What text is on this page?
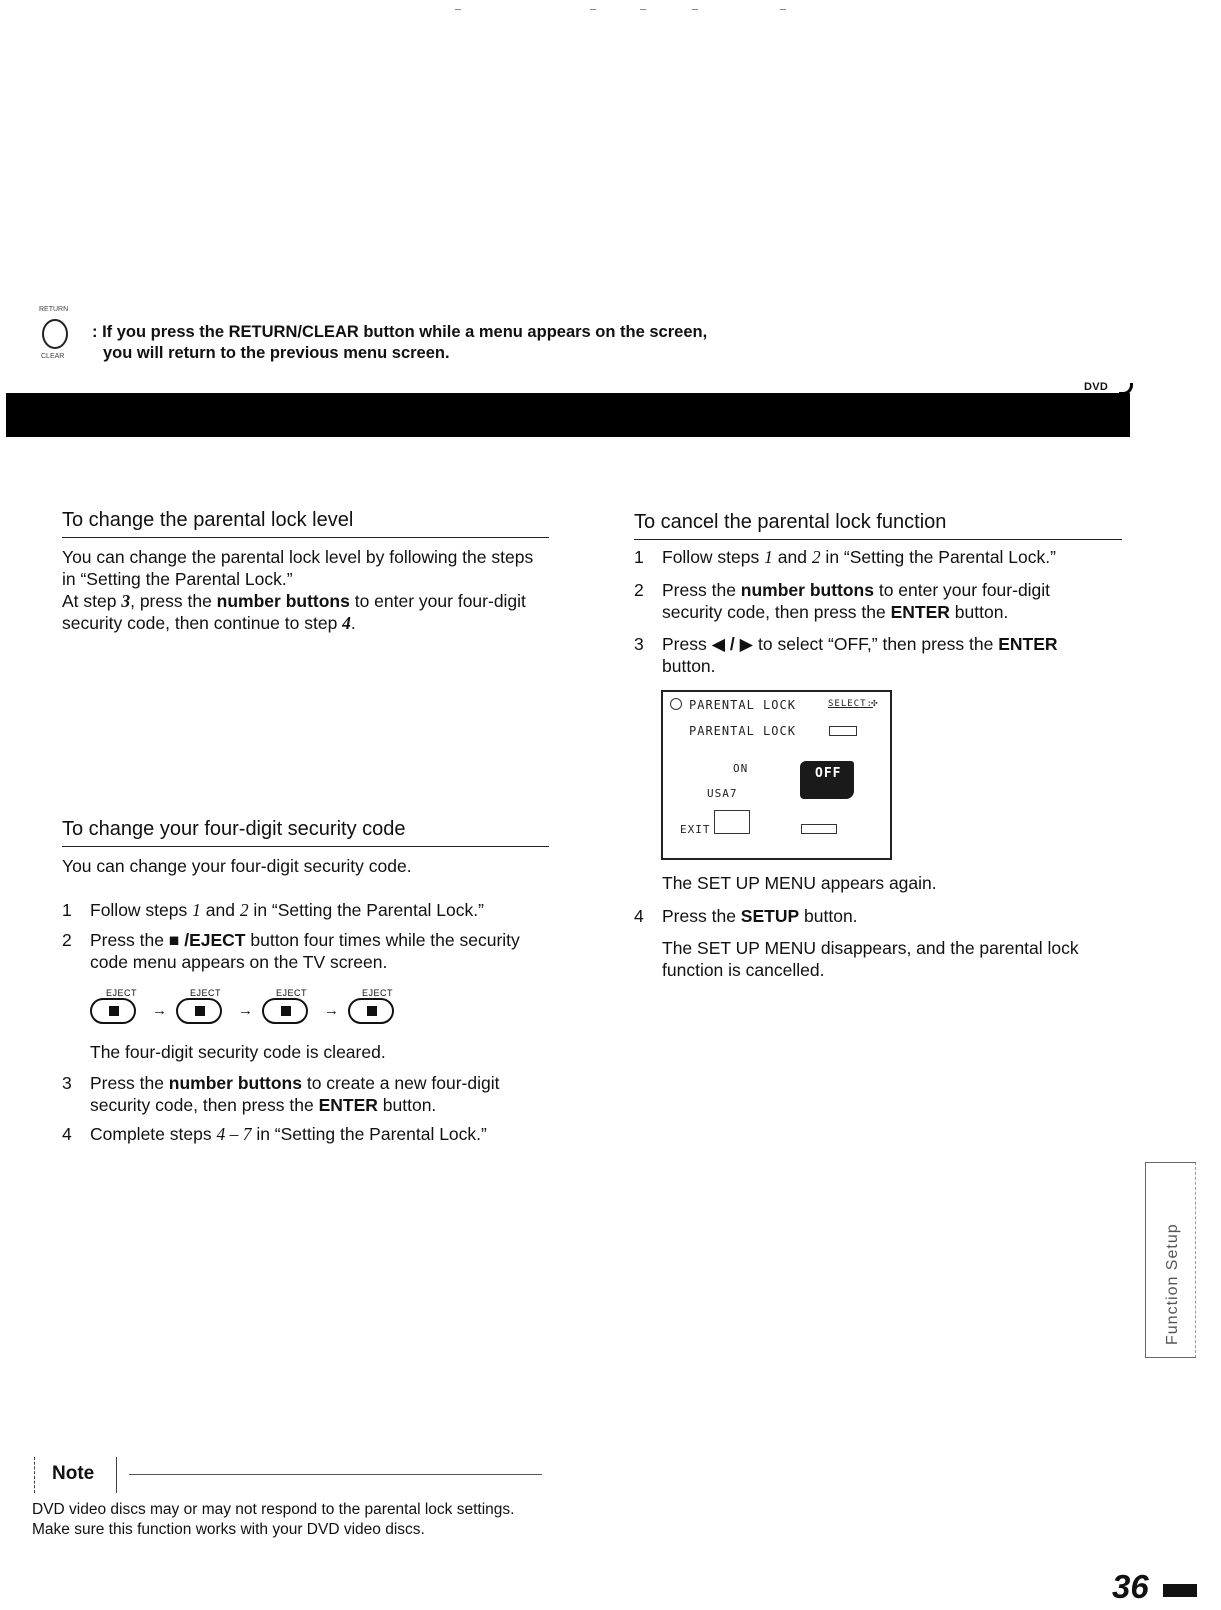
RETURN
CLEAR
: If you press the RETURN/CLEAR button while a menu appears on the screen,
you will return to the previous menu screen.
DVD
To change the parental lock level
You can change the parental lock level by following the steps
in “Setting the Parental Lock.”
At step 3, press the number buttons to enter your four-digit
security code, then continue to step 4.
To change your four-digit security code
You can change your four-digit security code.
1 Follow steps 1 and 2 in “Setting the Parental Lock.”
2 Press the ■ /EJECT button four times while the security
code menu appears on the TV screen.
EJECT
→
EJECT
→
EJECT
→
EJECT
The four-digit security code is cleared.
3 Press the number buttons to create a new four-digit
security code, then press the ENTER button.
4 Complete steps 4 – 7 in “Setting the Parental Lock.”
To cancel the parental lock function
1 Follow steps 1 and 2 in “Setting the Parental Lock.”
2 Press the number buttons to enter your four-digit
security code, then press the ENTER button.
3 Press ◀ / ▶ to select “OFF,” then press the ENTER
button.
PARENTAL LOCK	SELECT:
✣
PARENTAL LOCK
ON
USA7
OFF
EXIT
The SET UP MENU appears again.
4 Press the SETUP button.
The SET UP MENU disappears, and the parental lock
function is cancelled.
Function Setup
Note
DVD video discs may or may not respond to the parental lock settings.
Make sure this function works with your DVD video discs.
36
